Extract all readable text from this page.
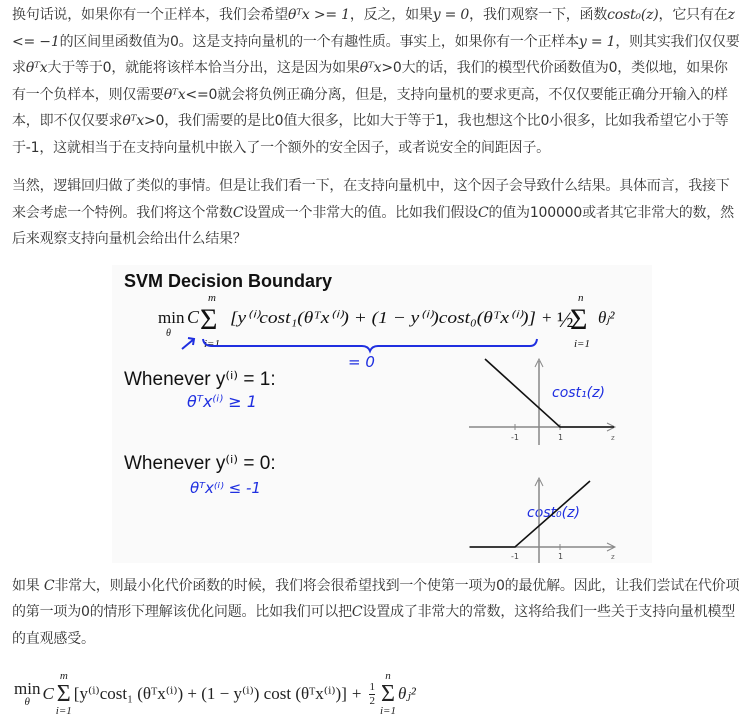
换句话说，如果你有一个正样本，我们会希望θᵀx >= 1，反之，如果y = 0，我们观察一下，函数cost₀(z)，它只有在z <= −1的区间里函数值为0。这是支持向量机的一个有趣性质。事实上，如果你有一个正样本y = 1，则其实我们仅仅要求θᵀx大于等于0，就能将该样本恰当分出，这是因为如果θᵀx>0大的话，我们的模型代价函数值为0，类似地，如果你有一个负样本，则仅需要θᵀx<=0就会将负例正确分离，但是，支持向量机的要求更高，不仅仅要能正确分开输入的样本，即不仅仅要求θᵀx>0，我们需要的是比0值大很多，比如大于等于1，我也想这个比0小很多，比如我希望它小于等于-1，这就相当于在支持向量机中嵌入了一个额外的安全因子，或者说安全的间距因子。

当然，逻辑回归做了类似的事情。但是让我们看一下，在支持向量机中，这个因子会导致什么结果。具体而言，我接下来会考虑一个特例。我们将这个常数C设置成一个非常大的值。比如我们假设C的值为100000或者其它非常大的数，然后来观察支持向量机会给出什么结果？

SVM Decision Boundary
min
θ
C Σ
m
i=1
[y⁽ⁱ⁾cost₁(θᵀx⁽ⁱ⁾) + (1 − y⁽ⁱ⁾)cost₀(θᵀx⁽ⁱ⁾)] + ½
Σ
n
i=1
θⱼ²
= 0
θᵀx⁽ⁱ⁾ ≥ 1	cost₁(z)
θᵀx⁽ⁱ⁾ ≤ -1
cost₀(z)
Whenever y⁽ⁱ⁾ = 1:
Whenever y⁽ⁱ⁾ = 0:
-1	1	z
-1	1	z

如果 C非常大，则最小化代价函数的时候，我们将会很希望找到一个使第一项为0的最优解。因此，让我们尝试在代价项的第一项为0的情形下理解该优化问题。比如我们可以把C设置成了非常大的常数，这将给我们一些关于支持向量机模型的直观感受。

min
θ C
m
Σ
i=1
[y⁽ⁱ⁾cost₁ (θᵀx⁽ⁱ⁾) + (1 − y⁽ⁱ⁾) cost (θᵀx⁽ⁱ⁾)] + $\frac{1}{2}$
n
Σ
i=1
θⱼ²
